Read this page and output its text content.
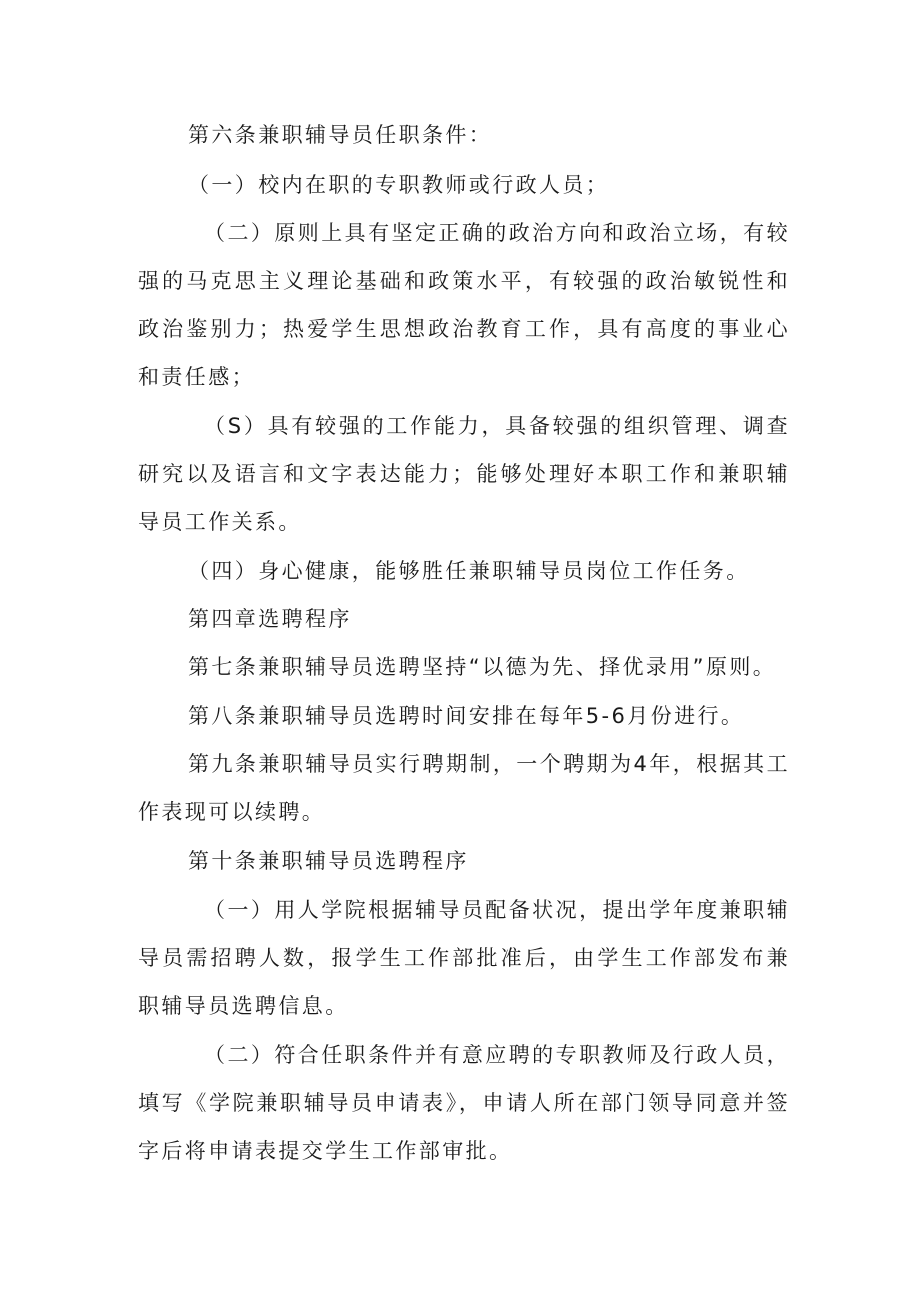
第六条兼职辅导员任职条件：

（一）校内在职的专职教师或行政人员；

（二）原则上具有坚定正确的政治方向和政治立场，有较强的马克思主义理论基础和政策水平，有较强的政治敏锐性和政治鉴别力；热爱学生思想政治教育工作，具有高度的事业心和责任感；

（S）具有较强的工作能力，具备较强的组织管理、调查研究以及语言和文字表达能力；能够处理好本职工作和兼职辅导员工作关系。

（四）身心健康，能够胜任兼职辅导员岗位工作任务。

第四章选聘程序

第七条兼职辅导员选聘坚持“以德为先、择优录用”原则。

第八条兼职辅导员选聘时间安排在每年5-6月份进行。

第九条兼职辅导员实行聘期制，一个聘期为4年，根据其工作表现可以续聘。

第十条兼职辅导员选聘程序

（一）用人学院根据辅导员配备状况，提出学年度兼职辅导员需招聘人数，报学生工作部批准后，由学生工作部发布兼职辅导员选聘信息。

（二）符合任职条件并有意应聘的专职教师及行政人员，填写《学院兼职辅导员申请表》，申请人所在部门领导同意并签字后将申请表提交学生工作部审批。
